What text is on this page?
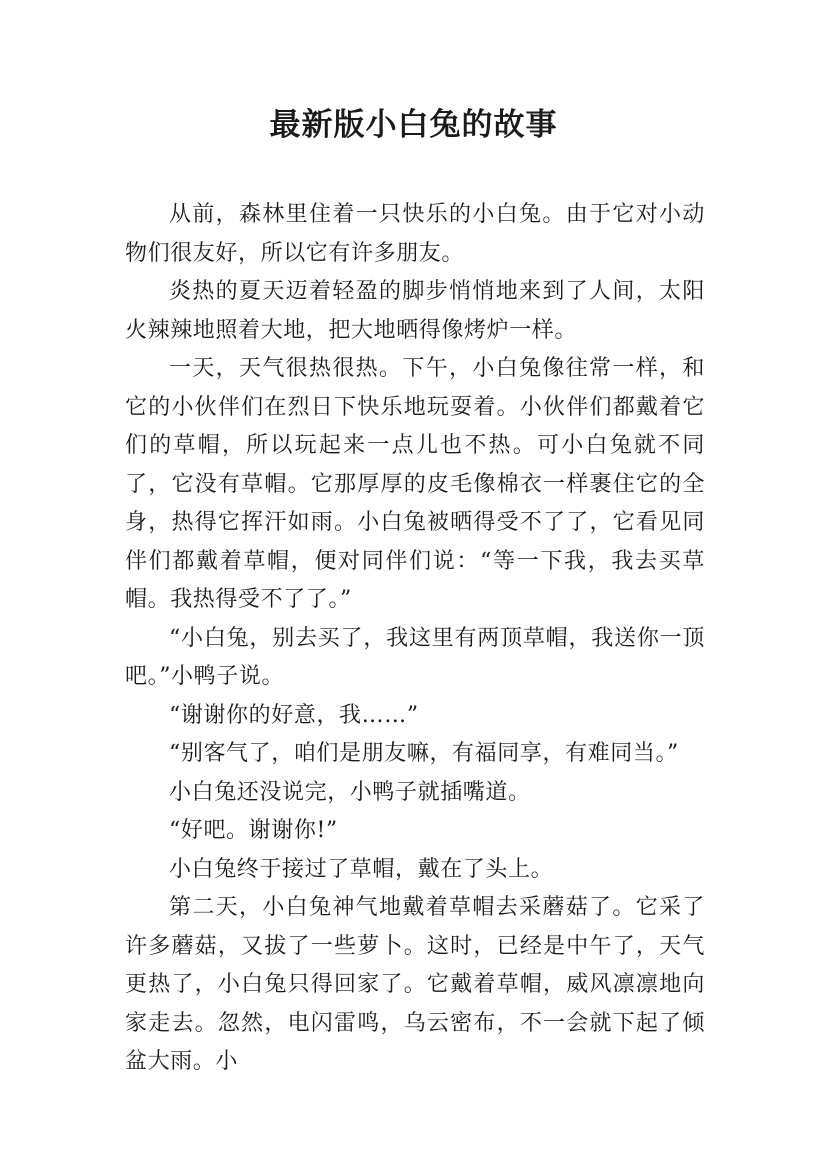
最新版小白兔的故事

从前，森林里住着一只快乐的小白兔。由于它对小动物们很友好，所以它有许多朋友。

炎热的夏天迈着轻盈的脚步悄悄地来到了人间，太阳火辣辣地照着大地，把大地晒得像烤炉一样。

一天，天气很热很热。下午，小白兔像往常一样，和它的小伙伴们在烈日下快乐地玩耍着。小伙伴们都戴着它们的草帽，所以玩起来一点儿也不热。可小白兔就不同了，它没有草帽。它那厚厚的皮毛像棉衣一样裹住它的全身，热得它挥汗如雨。小白兔被晒得受不了了，它看见同伴们都戴着草帽，便对同伴们说：“等一下我，我去买草帽。我热得受不了了。”

“小白兔，别去买了，我这里有两顶草帽，我送你一顶吧。”小鸭子说。

“谢谢你的好意，我……”

“别客气了，咱们是朋友嘛，有福同享，有难同当。”

小白兔还没说完，小鸭子就插嘴道。

“好吧。谢谢你!”

小白兔终于接过了草帽，戴在了头上。

第二天，小白兔神气地戴着草帽去采蘑菇了。它采了许多蘑菇，又拔了一些萝卜。这时，已经是中午了，天气更热了，小白兔只得回家了。它戴着草帽，威风凛凛地向家走去。忽然，电闪雷鸣，乌云密布，不一会就下起了倾盆大雨。小
